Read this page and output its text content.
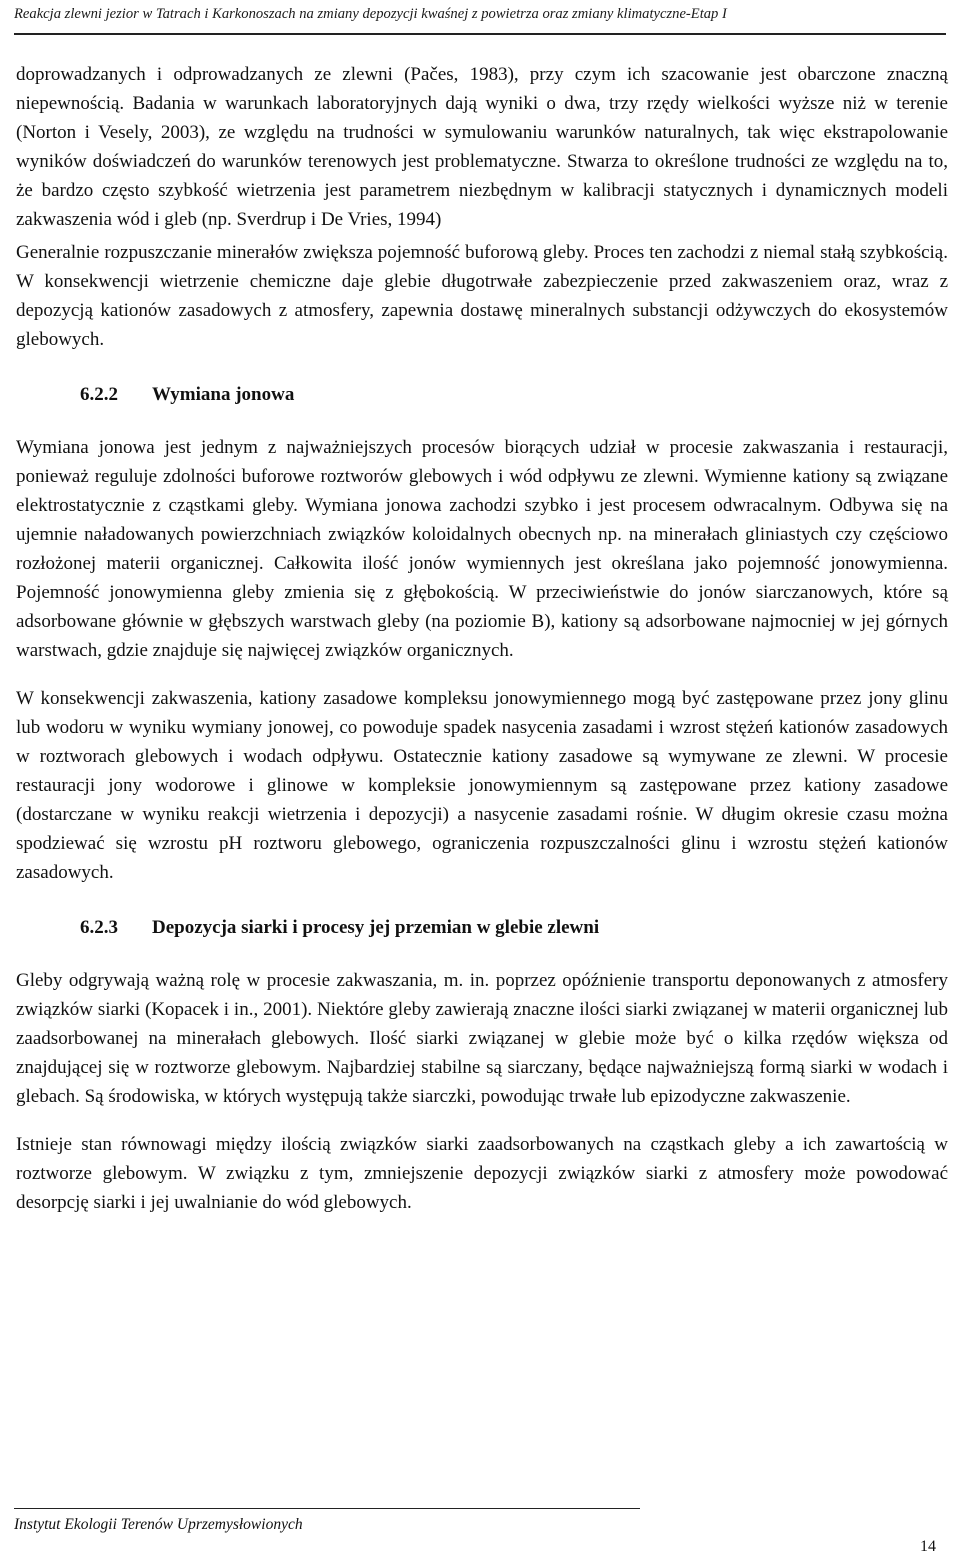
Reakcja zlewni jezior w Tatrach i Karkonoszach na zmiany depozycji kwaśnej z powietrza oraz zmiany klimatyczne-Etap I

doprowadzanych i odprowadzanych ze zlewni (Pačes, 1983), przy czym ich szacowanie jest obarczone znaczną niepewnością. Badania w warunkach laboratoryjnych dają wyniki o dwa, trzy rzędy wielkości wyższe niż w terenie (Norton i Vesely, 2003), ze względu na trudności w symulowaniu warunków naturalnych, tak więc ekstrapolowanie wyników doświadczeń do warunków terenowych jest problematyczne. Stwarza to określone trudności ze względu na to, że bardzo często szybkość wietrzenia jest parametrem niezbędnym w kalibracji statycznych i dynamicznych modeli zakwaszenia wód i gleb (np. Sverdrup i De Vries, 1994)

Generalnie rozpuszczanie minerałów zwiększa pojemność buforową gleby. Proces ten zachodzi z niemal stałą szybkością. W konsekwencji wietrzenie chemiczne daje glebie długotrwałe zabezpieczenie przed zakwaszeniem oraz, wraz z depozycją kationów zasadowych z atmosfery, zapewnia dostawę mineralnych substancji odżywczych do ekosystemów glebowych.

6.2.2 Wymiana jonowa

Wymiana jonowa jest jednym z najważniejszych procesów biorących udział w procesie zakwaszania i restauracji, ponieważ reguluje zdolności buforowe roztworów glebowych i wód odpływu ze zlewni. Wymienne kationy są związane elektrostatycznie z cząstkami gleby. Wymiana jonowa zachodzi szybko i jest procesem odwracalnym. Odbywa się na ujemnie naładowanych powierzchniach związków koloidalnych obecnych np. na minerałach gliniastych czy częściowo rozłożonej materii organicznej. Całkowita ilość jonów wymiennych jest określana jako pojemność jonowymienna. Pojemność jonowymienna gleby zmienia się z głębokością. W przeciwieństwie do jonów siarczanowych, które są adsorbowane głównie w głębszych warstwach gleby (na poziomie B), kationy są adsorbowane najmocniej w jej górnych warstwach, gdzie znajduje się najwięcej związków organicznych.

W konsekwencji zakwaszenia, kationy zasadowe kompleksu jonowymiennego mogą być zastępowane przez jony glinu lub wodoru w wyniku wymiany jonowej, co powoduje spadek nasycenia zasadami i wzrost stężeń kationów zasadowych w roztworach glebowych i wodach odpływu. Ostatecznie kationy zasadowe są wymywane ze zlewni. W procesie restauracji jony wodorowe i glinowe w kompleksie jonowymiennym są zastępowane przez kationy zasadowe (dostarczane w wyniku reakcji wietrzenia i depozycji) a nasycenie zasadami rośnie. W długim okresie czasu można spodziewać się wzrostu pH roztworu glebowego, ograniczenia rozpuszczalności glinu i wzrostu stężeń kationów zasadowych.

6.2.3 Depozycja siarki i procesy jej przemian w glebie zlewni

Gleby odgrywają ważną rolę w procesie zakwaszania, m. in. poprzez opóźnienie transportu deponowanych z atmosfery związków siarki (Kopacek i in., 2001). Niektóre gleby zawierają znaczne ilości siarki związanej w materii organicznej lub zaadsorbowanej na minerałach glebowych. Ilość siarki związanej w glebie może być o kilka rzędów większa od znajdującej się w roztworze glebowym. Najbardziej stabilne są siarczany, będące najważniejszą formą siarki w wodach i glebach. Są środowiska, w których występują także siarczki, powodując trwałe lub epizodyczne zakwaszenie.

Istnieje stan równowagi między ilością związków siarki zaadsorbowanych na cząstkach gleby a ich zawartością w roztworze glebowym. W związku z tym, zmniejszenie depozycji związków siarki z atmosfery może powodować desorpcję siarki i jej uwalnianie do wód glebowych.

Instytut Ekologii Terenów Uprzemysłowionych
14
